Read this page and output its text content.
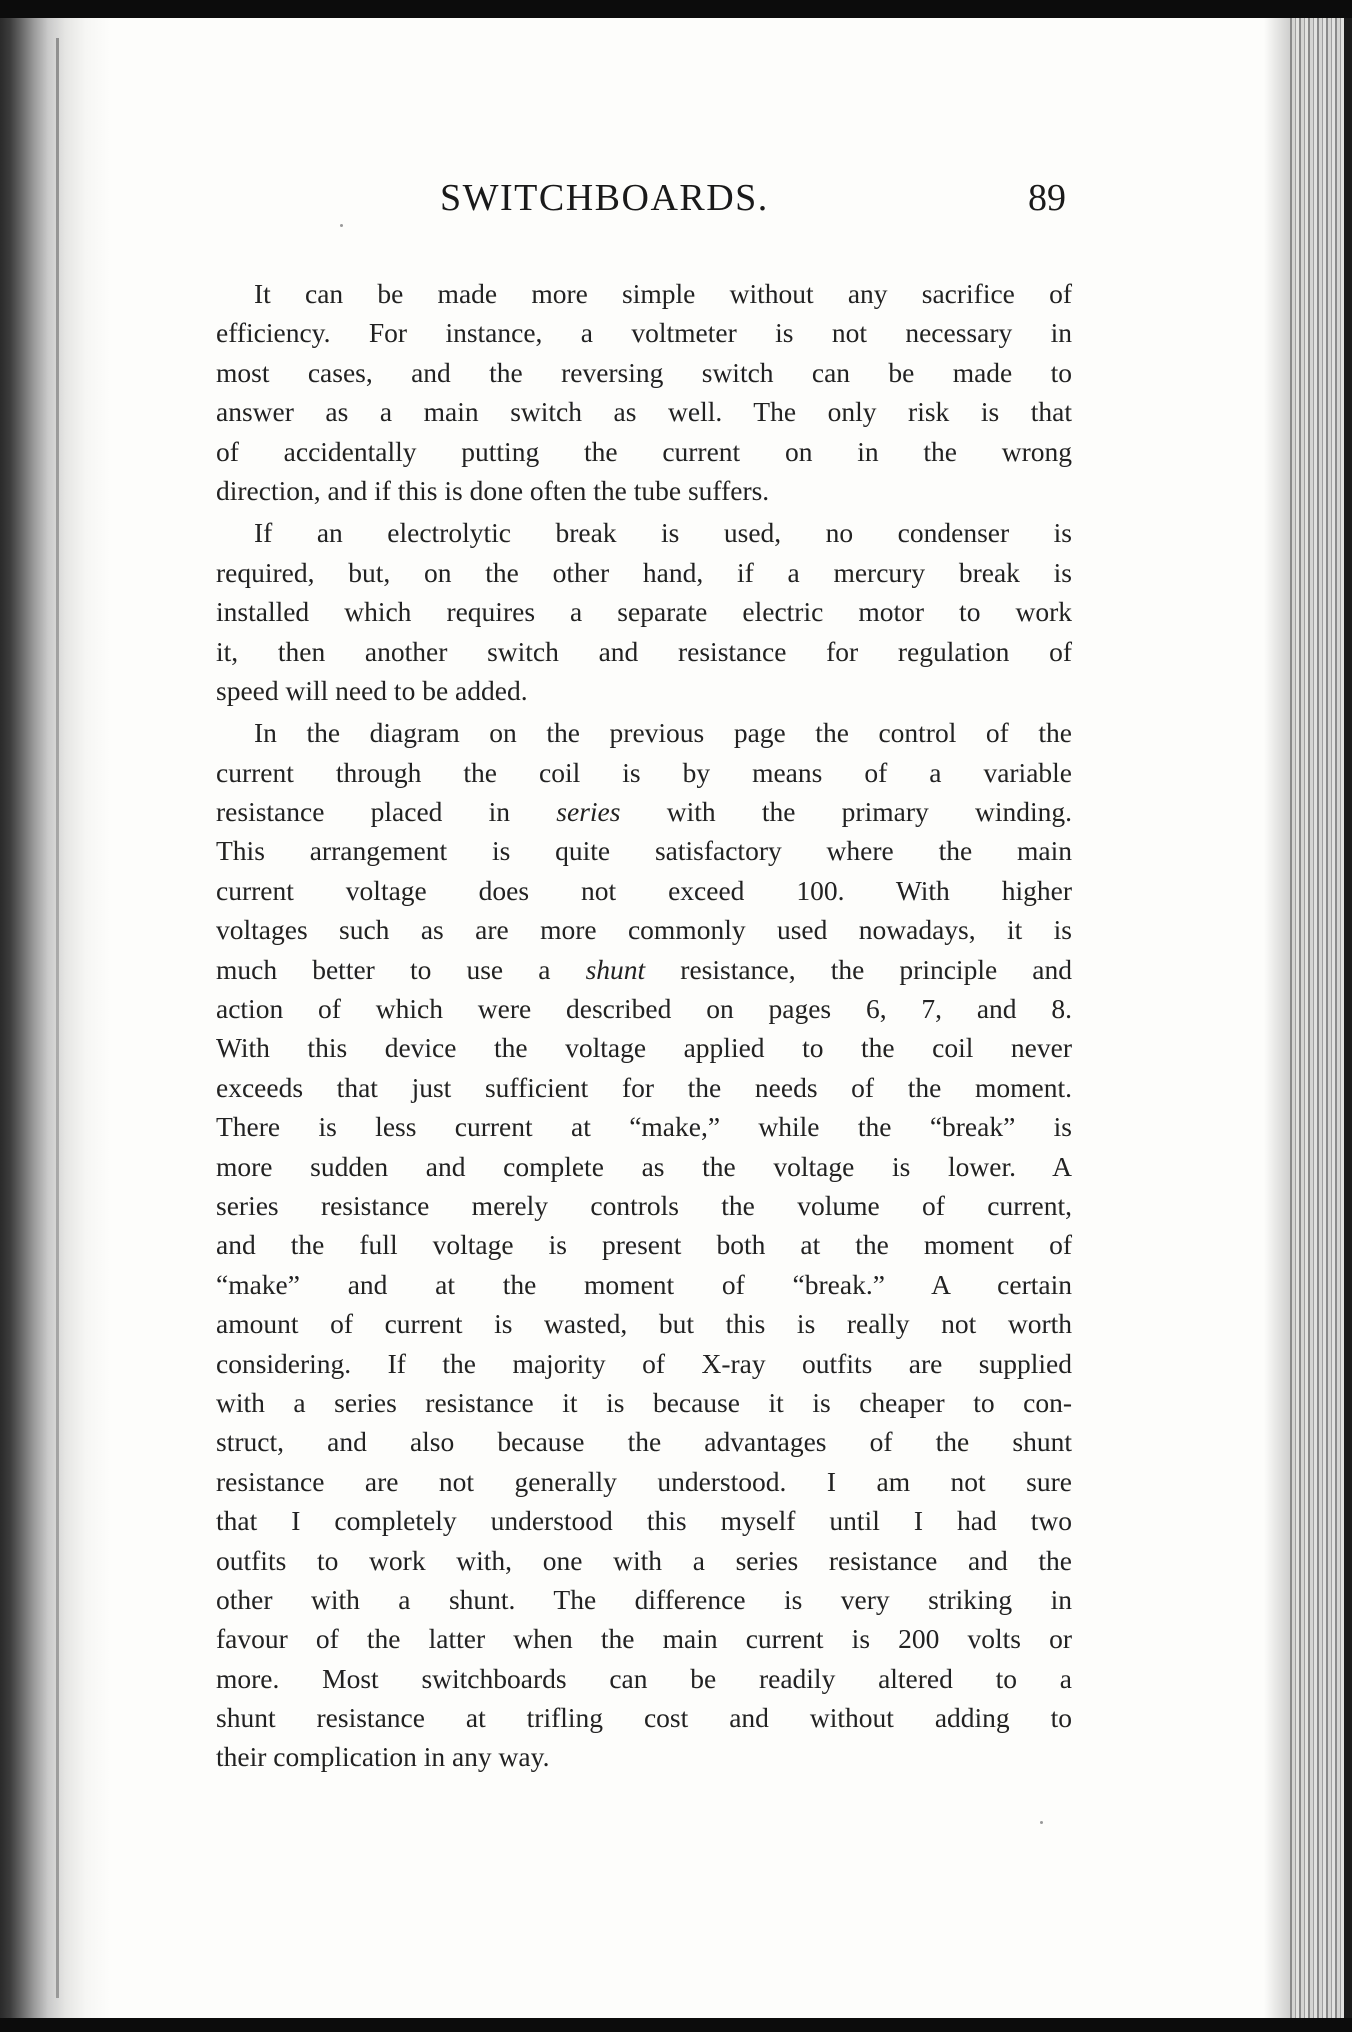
SWITCHBOARDS.	89
It can be made more simple without any sacrifice of
efficiency. For instance, a voltmeter is not necessary in
most cases, and the reversing switch can be made to
answer as a main switch as well. The only risk is that
of accidentally putting the current on in the wrong
direction, and if this is done often the tube suffers.
If an electrolytic break is used, no condenser is
required, but, on the other hand, if a mercury break is
installed which requires a separate electric motor to work
it, then another switch and resistance for regulation of
speed will need to be added.
In the diagram on the previous page the control of the
current through the coil is by means of a variable
resistance placed in series with the primary winding.
This arrangement is quite satisfactory where the main
current voltage does not exceed 100. With higher
voltages such as are more commonly used nowadays, it is
much better to use a shunt resistance, the principle and
action of which were described on pages 6, 7, and 8.
With this device the voltage applied to the coil never
exceeds that just sufficient for the needs of the moment.
There is less current at “make,” while the “break” is
more sudden and complete as the voltage is lower. A
series resistance merely controls the volume of current,
and the full voltage is present both at the moment of
“make” and at the moment of “break.” A certain
amount of current is wasted, but this is really not worth
considering. If the majority of X-ray outfits are supplied
with a series resistance it is because it is cheaper to con-
struct, and also because the advantages of the shunt
resistance are not generally understood. I am not sure
that I completely understood this myself until I had two
outfits to work with, one with a series resistance and the
other with a shunt. The difference is very striking in
favour of the latter when the main current is 200 volts or
more. Most switchboards can be readily altered to a
shunt resistance at trifling cost and without adding to
their complication in any way.
